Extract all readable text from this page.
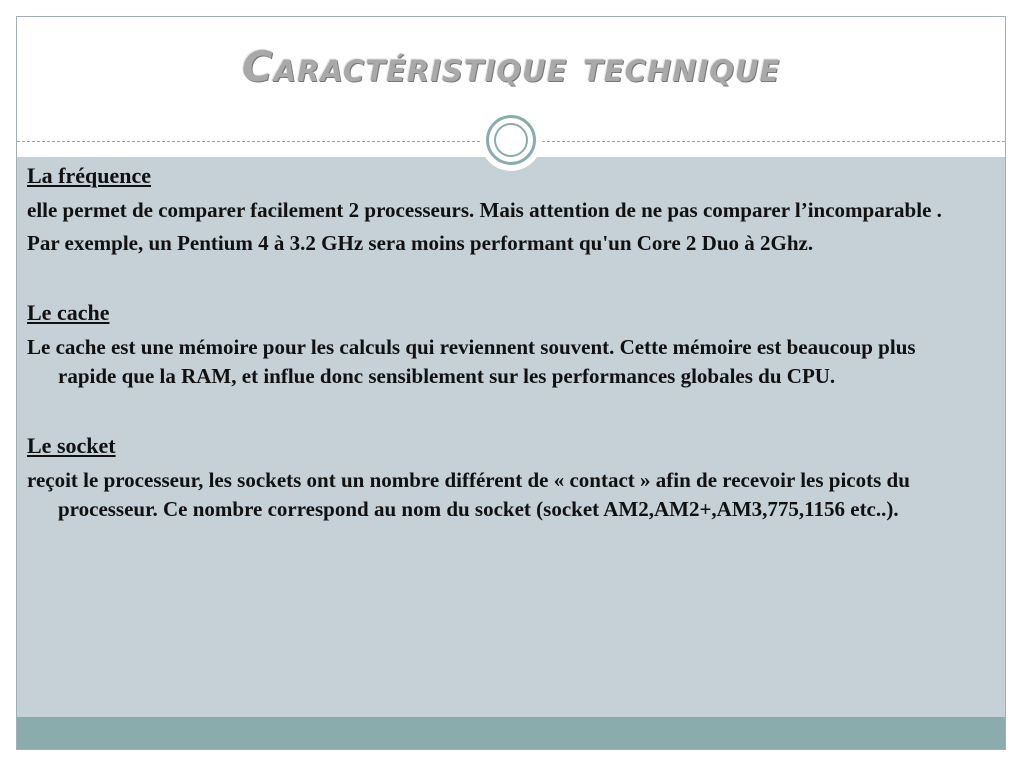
Caractéristique technique
La fréquence

elle permet de comparer facilement 2 processeurs. Mais attention de ne pas comparer l’incomparable .

Par exemple, un Pentium 4 à 3.2 GHz sera moins performant qu'un Core 2 Duo à 2Ghz.

Le cache

Le cache est une mémoire pour les calculs qui reviennent souvent. Cette mémoire est beaucoup plus rapide que la RAM, et influe donc sensiblement sur les performances globales du CPU.

Le socket

reçoit le processeur, les sockets ont un nombre différent de « contact » afin de recevoir les picots du processeur. Ce nombre correspond au nom du socket (socket AM2,AM2+,AM3,775,1156 etc..).
